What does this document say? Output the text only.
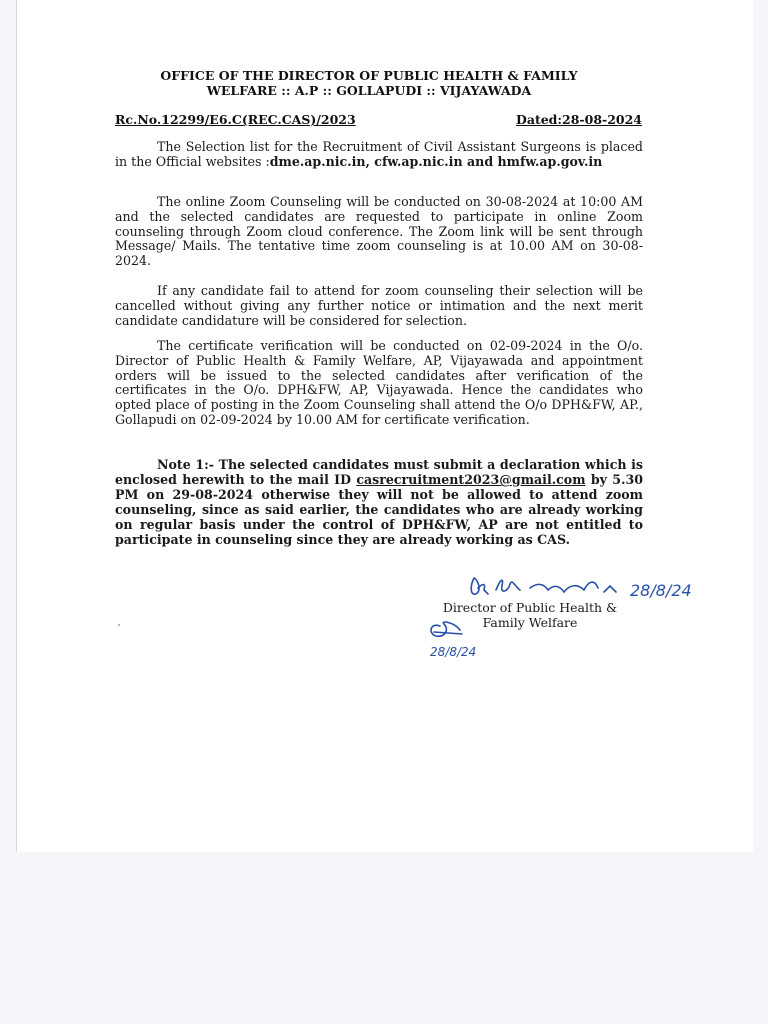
OFFICE OF THE DIRECTOR OF PUBLIC HEALTH & FAMILY
WELFARE :: A.P :: GOLLAPUDI :: VIJAYAWADA
Rc.No.12299/E6.C(REC.CAS)/2023	Dated:28-08-2024
The Selection list for the Recruitment of Civil Assistant Surgeons is placed in the Official websites :dme.ap.nic.in, cfw.ap.nic.in and hmfw.ap.gov.in
The online Zoom Counseling will be conducted on 30-08-2024 at 10:00 AM and the selected candidates are requested to participate in online Zoom counseling through Zoom cloud conference. The Zoom link will be sent through Message/ Mails. The tentative time zoom counseling is at 10.00 AM on 30-08-2024.
If any candidate fail to attend for zoom counseling their selection will be cancelled without giving any further notice or intimation and the next merit candidate candidature will be considered for selection.
The certificate verification will be conducted on 02-09-2024 in the O/o. Director of Public Health & Family Welfare, AP, Vijayawada and appointment orders will be issued to the selected candidates after verification of the certificates in the O/o. DPH&FW, AP, Vijayawada. Hence the candidates who opted place of posting in the Zoom Counseling shall attend the O/o DPH&FW, AP., Gollapudi on 02-09-2024 by 10.00 AM for certificate verification.
Note 1:- The selected candidates must submit a declaration which is enclosed herewith to the mail ID casrecruitment2023@gmail.com by 5.30 PM on 29-08-2024 otherwise they will not be allowed to attend zoom counseling, since as said earlier, the candidates who are already working on regular basis under the control of DPH&FW, AP are not entitled to participate in counseling since they are already working as CAS.
28/8/24
Director of Public Health &
Family Welfare
28/8/24
